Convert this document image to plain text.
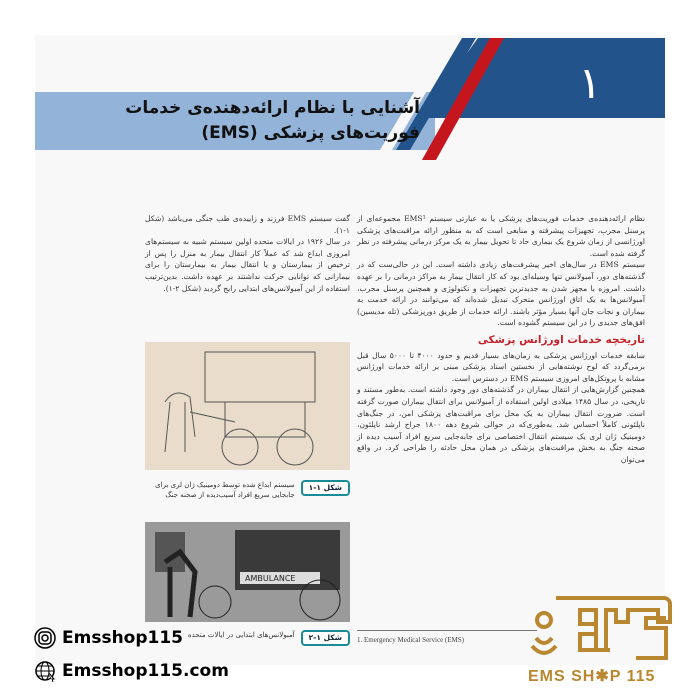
۱
آشنایی با نظام ارائه‌دهنده‌ی خدمات
فوریت‌های پزشکی (EMS)

نظام ارائه‌دهنده‌ی خدمات فوریت‌های پزشکی یا به عبارتی سیستم EMS¹ مجموعه‌ای از پرسنل مجرب، تجهیزات پیشرفته و منابعی است که به منظور ارائه مراقبت‌های پزشکی اورژانسی از زمان شروع یک بیماری حاد تا تحویل بیمار به یک مرکز درمانی پیشرفته در نظر گرفته شده است.

سیستم EMS در سال‌های اخیر پیشرفت‌های زیادی داشته است. این در حالی‌ست که در گذشته‌های دور، آمبولانس تنها وسیله‌ای بود که کار انتقال بیمار به مراکز درمانی را بر عهده داشت. امروزه با مجهز شدن به جدیدترین تجهیزات و تکنولوژی و همچنین پرسنل مجرب، آمبولانس‌ها به یک اتاق اورژانس متحرک تبدیل شده‌اند که می‌توانند در ارائه خدمت به بیماران و نجات جان آنها بسیار مؤثر باشند. ارائه خدمات از طریق دورپزشکی (تله مدیسین) افق‌های جدیدی را در این سیستم گشوده است.

تاریخچه خدمات اورژانس پزشکی

سابقه خدمات اورژانس پزشکی به زمان‌های بسیار قدیم و حدود ۴۰۰۰ تا ۵۰۰۰ سال قبل برمی‌گردد که لوح نوشته‌هایی از نخستین اسناد پزشکی مبنی بر ارائه خدمات اورژانس مشابه با پروتکل‌های امروزی سیستم EMS در دسترس است.

همچنین گزارش‌هایی از انتقال بیماران در گذشته‌های دور وجود داشته است. به‌طور مستند و تاریخی، در سال ۱۴۸۵ میلادی اولین استفاده از آمبولانس برای انتقال بیماران صورت گرفته است. ضرورت انتقال بیماران به یک محل برای مراقبت‌های پزشکی امن، در جنگ‌های ناپلئونی کاملاً احساس شد. به‌طوری‌که در حوالی شروع دهه ۱۸۰۰ جراح ارشد ناپلئون، دومینیک ژان لری یک سیستم انتقال اختصاصی برای جابه‌جایی سریع افراد آسیب دیده از صحنه جنگ به بخش مراقبت‌های پزشکی در همان محل حادثه را طراحی کرد. در واقع می‌توان

گفت سیستم EMS فرزند و زاییده‌ی طب جنگی می‌باشد (شکل ۱-۱).

در سال ۱۹۲۶ در ایالات متحده اولین سیستم شبیه به سیستم‌های امروزی ابداع شد که عملاً کار انتقال بیمار به منزل را پس از ترخیص از بیمارستان و یا انتقال بیمار به بیمارستان را برای بیمارانی که توانایی حرکت نداشتند بر عهده داشت. بدین‌ترتیب استفاده از این آمبولانس‌های ابتدایی رایج گردید (شکل ۲-۱).

شکل ۱-۱
سیستم ابداع شده توسط دومینیک ژان لری برای جابجایی سریع افراد آسیب‌دیده از صحنه جنگ
AMBULANCE
شکل ۱-۲
آمبولانس‌های ابتدایی در ایالات متحده
1. Emergency Medical Service (EMS)
Emsshop115
Emsshop115.com	EMS SH✱P 115
